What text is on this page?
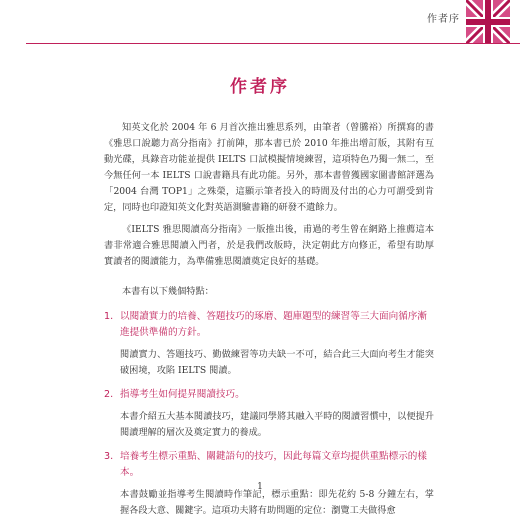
作者序
作者序

知英文化於 2004 年 6 月首次推出雅思系列，由筆者（曾騰裕）所撰寫的書《雅思口說聽力高分指南》打前陣，那本書已於 2010 年推出增訂版，其附有互動光碟，具錄音功能並提供 IELTS 口試模擬情境練習，這項特色乃獨一無二，至今無任何一本 IELTS 口說書籍具有此功能。另外，那本書曾獲國家圖書館評選為「2004 台灣 TOP1」之殊榮，這顯示筆者投入的時間及付出的心力可謂受到肯定，同時也印證知英文化對英語測驗書籍的研發不遺餘力。

《IELTS 雅思閱讀高分指南》一版推出後，甫過的考生曾在網路上推薦這本書非常適合雅思閱讀入門者，於是我們改版時，決定朝此方向修正，希望有助厚實讀者的閱讀能力，為準備雅思閱讀奠定良好的基礎。

本書有以下幾個特點：

1. 以閱讀實力的培養、答題技巧的琢磨、題庫題型的練習等三大面向循序漸進提供準備的方針。
閱讀實力、答題技巧、勤做練習等功夫缺一不可，結合此三大面向考生才能突破困境，攻陷 IELTS 閱讀。
2. 指導考生如何提昇閱讀技巧。
本書介紹五大基本閱讀技巧，建議同學將其融入平時的閱讀習慣中，以便提升閱讀理解的層次及奠定實力的養成。
3. 培養考生標示重點、關鍵語句的技巧，因此每篇文章均提供重點標示的樣本。
本書鼓勵並指導考生閱讀時作筆記，標示重點：即先花約 5-8 分鐘左右，掌握各段大意、關鍵字。這項功夫將有助問題的定位：瀏覽工夫做得愈
1
